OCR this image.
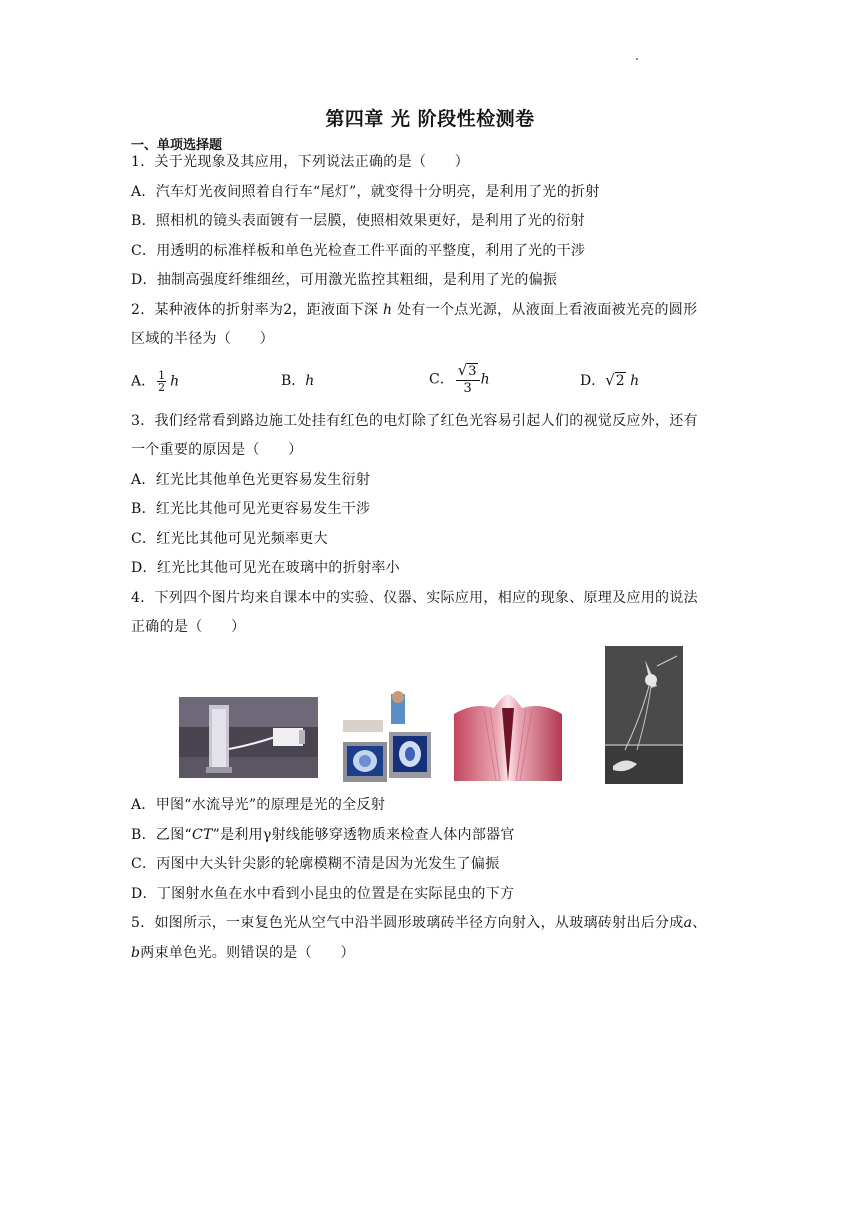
第四章 光 阶段性检测卷
一、单项选择题
1．关于光现象及其应用，下列说法正确的是（　　）
A．汽车灯光夜间照着自行车“尾灯”，就变得十分明亮，是利用了光的折射
B．照相机的镜头表面镀有一层膜，使照相效果更好，是利用了光的衍射
C．用透明的标准样板和单色光检查工件平面的平整度，利用了光的干涉
D．抽制高强度纤维细丝，可用激光监控其粗细，是利用了光的偏振
2．某种液体的折射率为2，距液面下深 h 处有一个点光源，从液面上看液面被光亮的圆形
区域的半径为（　　）
A． $\frac{1}{2}$ h	B．h	C． $\frac{√3}{3}h$	D．√2 h
3．我们经常看到路边施工处挂有红色的电灯除了红色光容易引起人们的视觉反应外，还有
一个重要的原因是（　　）
A．红光比其他单色光更容易发生衍射
B．红光比其他可见光更容易发生干涉
C．红光比其他可见光频率更大
D．红光比其他可见光在玻璃中的折射率小
4．下列四个图片均来自课本中的实验、仪器、实际应用，相应的现象、原理及应用的说法
正确的是（　　）
A．甲图“水流导光”的原理是光的全反射
B．乙图“CT”是利用γ射线能够穿透物质来检查人体内部器官
C．丙图中大头针尖影的轮廓模糊不清是因为光发生了偏振
D．丁图射水鱼在水中看到小昆虫的位置是在实际昆虫的下方
5．如图所示，一束复色光从空气中沿半圆形玻璃砖半径方向射入，从玻璃砖射出后分成a、
b两束单色光。则错误的是（　　）
